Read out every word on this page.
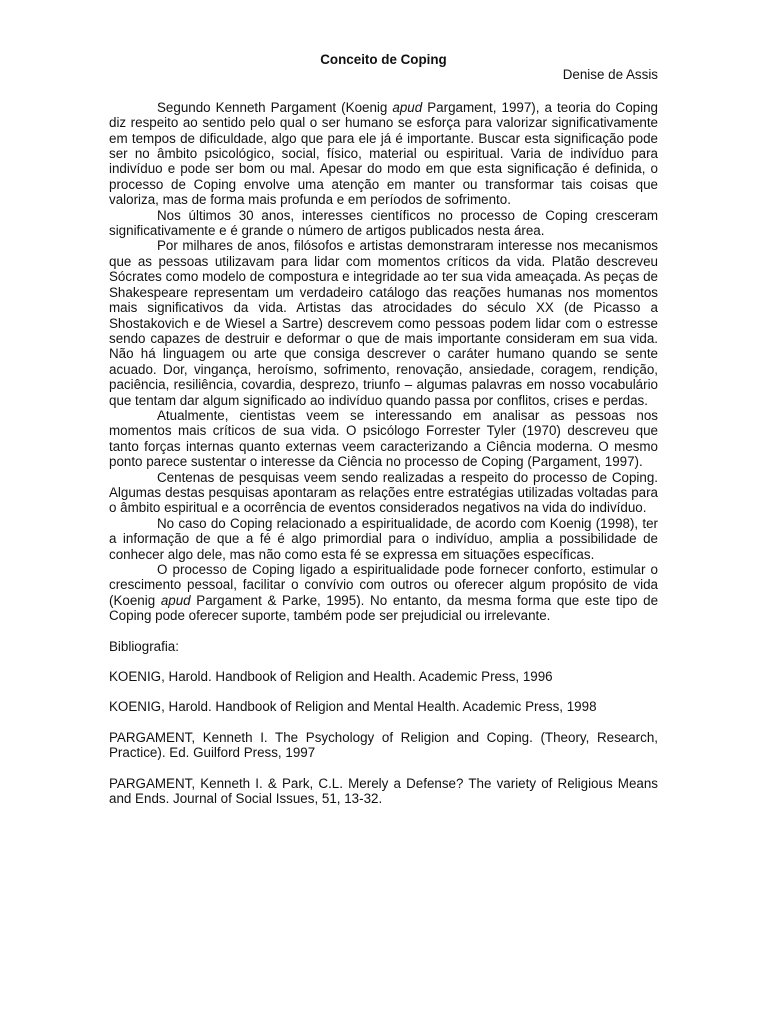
Conceito de Coping

Denise de Assis

Segundo Kenneth Pargament (Koenig apud Pargament, 1997), a teoria do Coping diz respeito ao sentido pelo qual o ser humano se esforça para valorizar significativamente em tempos de dificuldade, algo que para ele já é importante. Buscar esta significação pode ser no âmbito psicológico, social, físico, material ou espiritual. Varia de indivíduo para indivíduo e pode ser bom ou mal. Apesar do modo em que esta significação é definida, o processo de Coping envolve uma atenção em manter ou transformar tais coisas que valoriza, mas de forma mais profunda e em períodos de sofrimento.

Nos últimos 30 anos, interesses científicos no processo de Coping cresceram significativamente e é grande o número de artigos publicados nesta área.

Por milhares de anos, filósofos e artistas demonstraram interesse nos mecanismos que as pessoas utilizavam para lidar com momentos críticos da vida. Platão descreveu Sócrates como modelo de compostura e integridade ao ter sua vida ameaçada. As peças de Shakespeare representam um verdadeiro catálogo das reações humanas nos momentos mais significativos da vida. Artistas das atrocidades do século XX (de Picasso a Shostakovich e de Wiesel a Sartre) descrevem como pessoas podem lidar com o estresse sendo capazes de destruir e deformar o que de mais importante consideram em sua vida. Não há linguagem ou arte que consiga descrever o caráter humano quando se sente acuado. Dor, vingança, heroísmo, sofrimento, renovação, ansiedade, coragem, rendição, paciência, resiliência, covardia, desprezo, triunfo – algumas palavras em nosso vocabulário que tentam dar algum significado ao indivíduo quando passa por conflitos, crises e perdas.

Atualmente, cientistas veem se interessando em analisar as pessoas nos momentos mais críticos de sua vida. O psicólogo Forrester Tyler (1970) descreveu que tanto forças internas quanto externas veem caracterizando a Ciência moderna. O mesmo ponto parece sustentar o interesse da Ciência no processo de Coping (Pargament, 1997).

Centenas de pesquisas veem sendo realizadas a respeito do processo de Coping. Algumas destas pesquisas apontaram as relações entre estratégias utilizadas voltadas para o âmbito espiritual e a ocorrência de eventos considerados negativos na vida do indivíduo.

No caso do Coping relacionado a espiritualidade, de acordo com Koenig (1998), ter a informação de que a fé é algo primordial para o indivíduo, amplia a possibilidade de conhecer algo dele, mas não como esta fé se expressa em situações específicas.

O processo de Coping ligado a espiritualidade pode fornecer conforto, estimular o crescimento pessoal, facilitar o convívio com outros ou oferecer algum propósito de vida (Koenig apud Pargament & Parke, 1995). No entanto, da mesma forma que este tipo de Coping pode oferecer suporte, também pode ser prejudicial ou irrelevante.

Bibliografia:

KOENIG, Harold. Handbook of Religion and Health. Academic Press, 1996

KOENIG, Harold. Handbook of Religion and Mental Health. Academic Press, 1998

PARGAMENT, Kenneth I. The Psychology of Religion and Coping. (Theory, Research, Practice). Ed. Guilford Press, 1997

PARGAMENT, Kenneth I. & Park, C.L. Merely a Defense? The variety of Religious Means and Ends. Journal of Social Issues, 51, 13-32.
